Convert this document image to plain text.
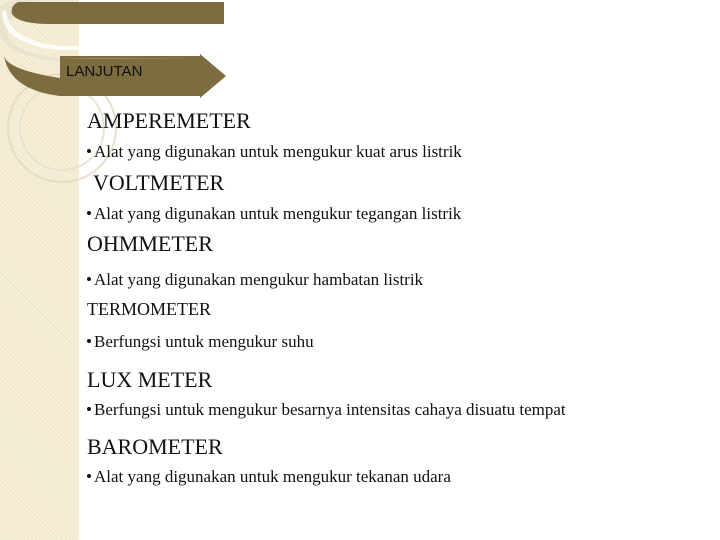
LANJUTAN
AMPEREMETER
Alat yang digunakan untuk mengukur kuat arus listrik
VOLTMETER
Alat yang digunakan untuk mengukur tegangan listrik
OHMMETER
Alat yang digunakan mengukur hambatan listrik
TERMOMETER
Berfungsi untuk mengukur suhu
LUX METER
Berfungsi untuk mengukur besarnya intensitas cahaya disuatu tempat
BAROMETER
Alat yang digunakan untuk mengukur tekanan udara
